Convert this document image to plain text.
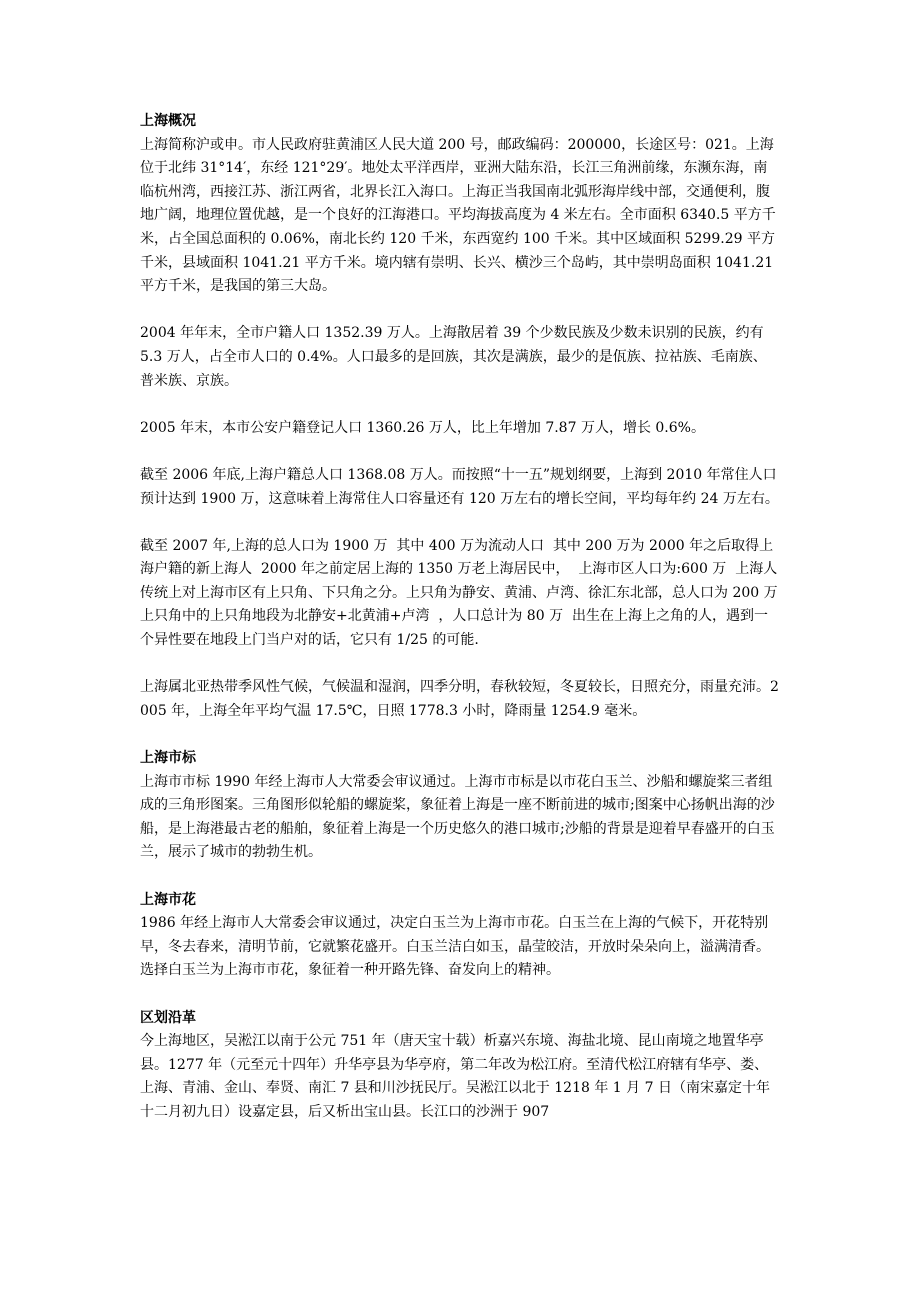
上海概况

上海简称沪或申。市人民政府驻黄浦区人民大道 200 号，邮政编码：200000，长途区号：021。上海位于北纬 31°14′，东经 121°29′。地处太平洋西岸，亚洲大陆东沿，长江三角洲前缘，东濒东海，南临杭州湾，西接江苏、浙江两省，北界长江入海口。上海正当我国南北弧形海岸线中部，交通便利，腹地广阔，地理位置优越，是一个良好的江海港口。平均海拔高度为 4 米左右。全市面积 6340.5 平方千米，占全国总面积的 0.06%，南北长约 120 千米，东西宽约 100 千米。其中区域面积 5299.29 平方千米，县域面积 1041.21 平方千米。境内辖有崇明、长兴、横沙三个岛屿，其中崇明岛面积 1041.21 平方千米，是我国的第三大岛。

2004 年年末，全市户籍人口 1352.39 万人。上海散居着 39 个少数民族及少数未识别的民族，约有 5.3 万人，占全市人口的 0.4%。人口最多的是回族，其次是满族，最少的是佤族、拉祜族、毛南族、普米族、京族。

2005 年末，本市公安户籍登记人口 1360.26 万人，比上年增加 7.87 万人，增长 0.6%。

截至 2006 年底,上海户籍总人口 1368.08 万人。而按照“十一五”规划纲要，上海到 2010 年常住人口预计达到 1900 万，这意味着上海常住人口容量还有 120 万左右的增长空间，平均每年约 24 万左右。

截至 2007 年,上海的总人口为 1900 万  其中 400 万为流动人口  其中 200 万为 2000 年之后取得上海户籍的新上海人  2000 年之前定居上海的 1350 万老上海居民中，  上海市区人口为:600 万  上海人传统上对上海市区有上只角、下只角之分。上只角为静安、黄浦、卢湾、徐汇东北部，总人口为 200 万  上只角中的上只角地段为北静安+北黄浦+卢湾  ，人口总计为 80 万  出生在上海上之角的人，遇到一个异性要在地段上门当户对的话，它只有 1/25 的可能.

上海属北亚热带季风性气候，气候温和湿润，四季分明，春秋较短，冬夏较长，日照充分，雨量充沛。2005 年，上海全年平均气温 17.5℃，日照 1778.3 小时，降雨量 1254.9 毫米。

上海市标

上海市市标 1990 年经上海市人大常委会审议通过。上海市市标是以市花白玉兰、沙船和螺旋桨三者组成的三角形图案。三角图形似轮船的螺旋桨，象征着上海是一座不断前进的城市;图案中心扬帆出海的沙船，是上海港最古老的船舶，象征着上海是一个历史悠久的港口城市;沙船的背景是迎着早春盛开的白玉兰，展示了城市的勃勃生机。

上海市花

1986 年经上海市人大常委会审议通过，决定白玉兰为上海市市花。白玉兰在上海的气候下，开花特别早，冬去春来，清明节前，它就繁花盛开。白玉兰洁白如玉，晶莹皎洁，开放时朵朵向上，溢满清香。选择白玉兰为上海市市花，象征着一种开路先锋、奋发向上的精神。

区划沿革

今上海地区，吴淞江以南于公元 751 年（唐天宝十载）析嘉兴东境、海盐北境、昆山南境之地置华亭县。1277 年（元至元十四年）升华亭县为华亭府，第二年改为松江府。至清代松江府辖有华亭、娄、上海、青浦、金山、奉贤、南汇 7 县和川沙抚民厅。吴淞江以北于 1218 年 1 月 7 日（南宋嘉定十年十二月初九日）设嘉定县，后又析出宝山县。长江口的沙洲于 907
